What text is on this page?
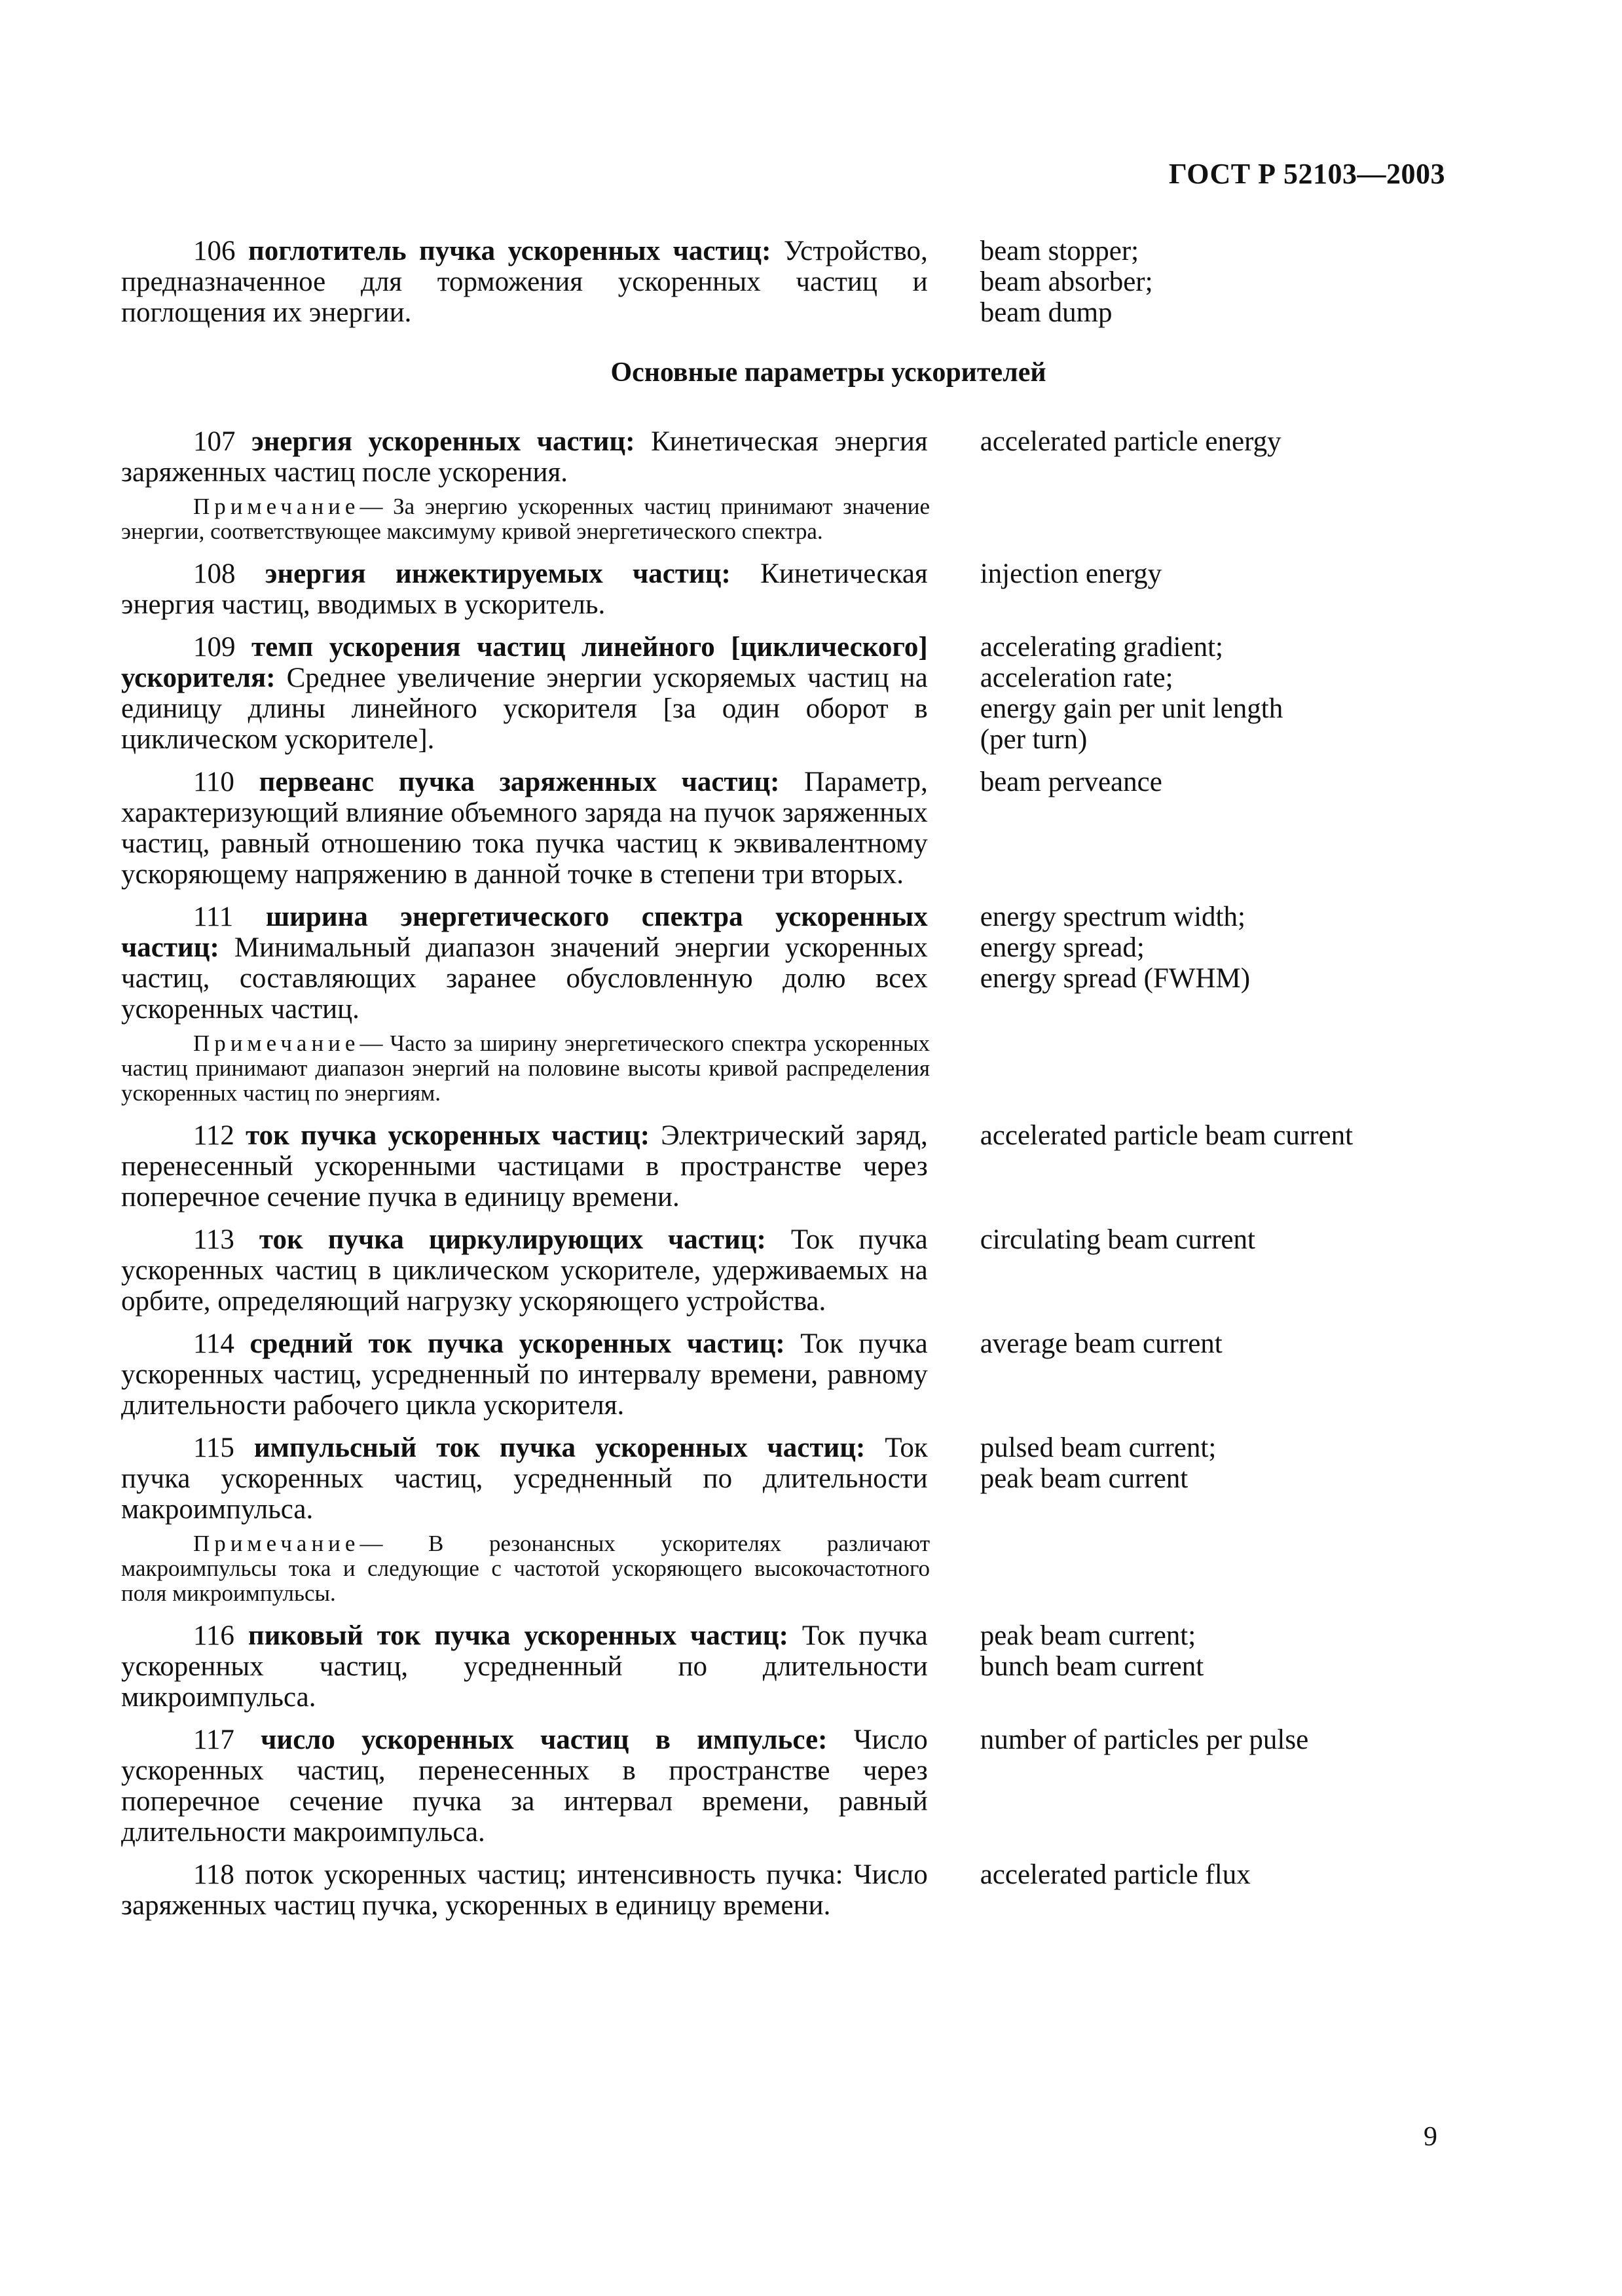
ГОСТ Р 52103—2003
106 поглотитель пучка ускоренных частиц: Устройство, предназначенное для торможения ускоренных частиц и поглощения их энергии.
beam stopper;
beam absorber;
beam dump
Основные параметры ускорителей
107 энергия ускоренных частиц: Кинетическая энергия заряженных частиц после ускорения.
accelerated particle energy
Примечание— За энергию ускоренных частиц принимают значение энергии, соответствующее максимуму кривой энергетического спектра.
108 энергия инжектируемых частиц: Кинетическая энергия частиц, вводимых в ускоритель.
injection energy
109 темп ускорения частиц линейного [циклического] ускорителя: Среднее увеличение энергии ускоряемых частиц на единицу длины линейного ускорителя [за один оборот в циклическом ускорителе].
accelerating gradient;
acceleration rate;
energy gain per unit length
(per turn)
110 первеанс пучка заряженных частиц: Параметр, характеризующий влияние объемного заряда на пучок заряженных частиц, равный отношению тока пучка частиц к эквивалентному ускоряющему напряжению в данной точке в степени три вторых.
beam perveance
111 ширина энергетического спектра ускоренных частиц: Минимальный диапазон значений энергии ускоренных частиц, составляющих заранее обусловленную долю всех ускоренных частиц.
energy spectrum width;
energy spread;
energy spread (FWHM)
Примечание— Часто за ширину энергетического спектра ускоренных частиц принимают диапазон энергий на половине высоты кривой распределения ускоренных частиц по энергиям.
112 ток пучка ускоренных частиц: Электрический заряд, перенесенный ускоренными частицами в пространстве через поперечное сечение пучка в единицу времени.
accelerated particle beam current
113 ток пучка циркулирующих частиц: Ток пучка ускоренных частиц в циклическом ускорителе, удерживаемых на орбите, определяющий нагрузку ускоряющего устройства.
circulating beam current
114 средний ток пучка ускоренных частиц: Ток пучка ускоренных частиц, усредненный по интервалу времени, равному длительности рабочего цикла ускорителя.
average beam current
115 импульсный ток пучка ускоренных частиц: Ток пучка ускоренных частиц, усредненный по длительности макроимпульса.
pulsed beam current;
peak beam current
Примечание— В резонансных ускорителях различают макроимпульсы тока и следующие с частотой ускоряющего высокочастотного поля микроимпульсы.
116 пиковый ток пучка ускоренных частиц: Ток пучка ускоренных частиц, усредненный по длительности микроимпульса.
peak beam current;
bunch beam current
117 число ускоренных частиц в импульсе: Число ускоренных частиц, перенесенных в пространстве через поперечное сечение пучка за интервал времени, равный длительности макроимпульса.
number of particles per pulse
118 поток ускоренных частиц; интенсивность пучка: Число заряженных частиц пучка, ускоренных в единицу времени.
accelerated particle flux
9
